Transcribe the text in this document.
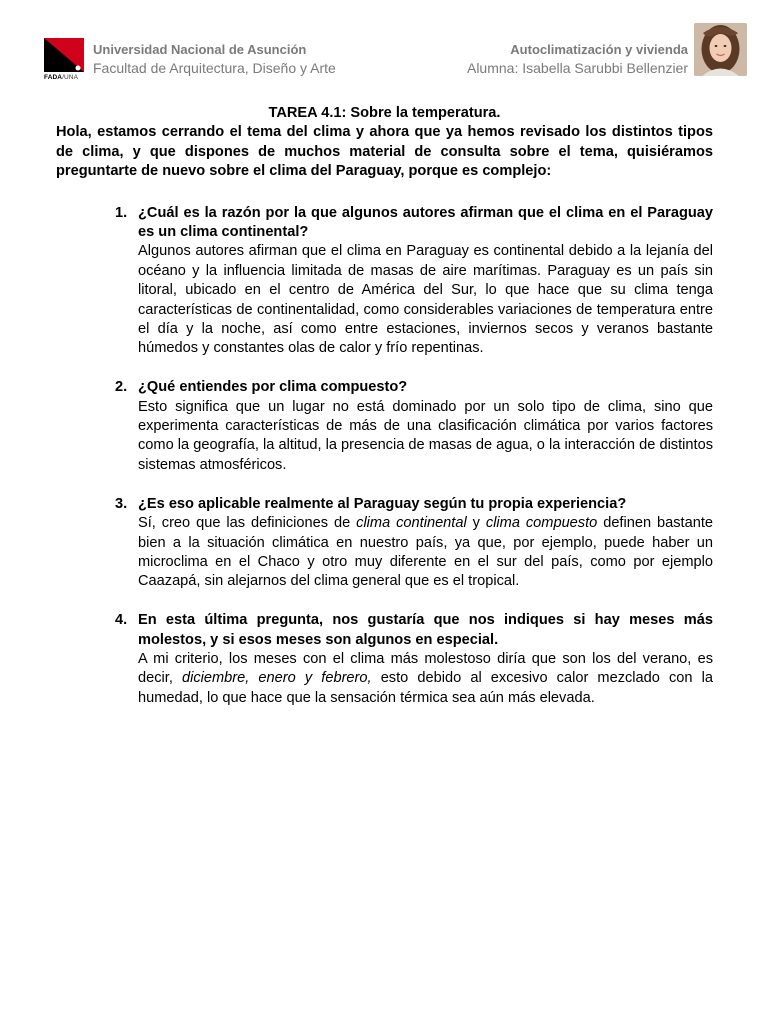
FADA/UNA
Universidad Nacional de Asunción
Facultad de Arquitectura, Diseño y Arte
Autoclimatización y vivienda
Alumna: Isabella Sarubbi Bellenzier
TAREA 4.1: Sobre la temperatura.

Hola, estamos cerrando el tema del clima y ahora que ya hemos revisado los distintos tipos de clima, y que dispones de muchos material de consulta sobre el tema, quisiéramos preguntarte de nuevo sobre el clima del Paraguay, porque es complejo:

1. ¿Cuál es la razón por la que algunos autores afirman que el clima en el Paraguay es un clima continental?
Algunos autores afirman que el clima en Paraguay es continental debido a la lejanía del océano y la influencia limitada de masas de aire marítimas. Paraguay es un país sin litoral, ubicado en el centro de América del Sur, lo que hace que su clima tenga características de continentalidad, como considerables variaciones de temperatura entre el día y la noche, así como entre estaciones, inviernos secos y veranos bastante húmedos y constantes olas de calor y frío repentinas.
2. ¿Qué entiendes por clima compuesto?
Esto significa que un lugar no está dominado por un solo tipo de clima, sino que experimenta características de más de una clasificación climática por varios factores como la geografía, la altitud, la presencia de masas de agua, o la interacción de distintos sistemas atmosféricos.
3. ¿Es eso aplicable realmente al Paraguay según tu propia experiencia?
Sí, creo que las definiciones de clima continental y clima compuesto definen bastante bien a la situación climática en nuestro país, ya que, por ejemplo, puede haber un microclima en el Chaco y otro muy diferente en el sur del país, como por ejemplo Caazapá, sin alejarnos del clima general que es el tropical.
4. En esta última pregunta, nos gustaría que nos indiques si hay meses más molestos, y si esos meses son algunos en especial.
A mi criterio, los meses con el clima más molestoso diría que son los del verano, es decir, diciembre, enero y febrero, esto debido al excesivo calor mezclado con la humedad, lo que hace que la sensación térmica sea aún más elevada.
